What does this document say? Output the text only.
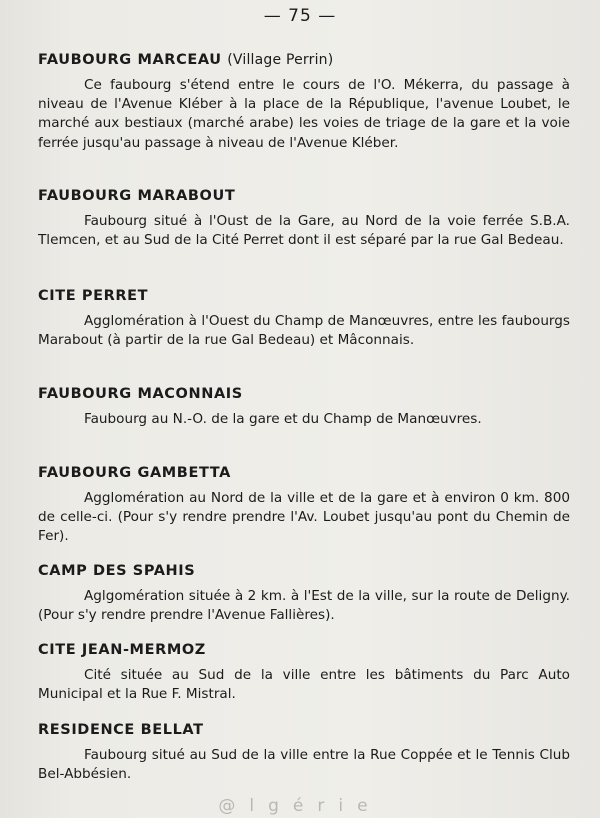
— 75 —

FAUBOURG MARCEAU (Village Perrin)

Ce faubourg s'étend entre le cours de l'O. Mékerra, du passage à niveau de l'Avenue Kléber à la place de la République, l'avenue Loubet, le marché aux bestiaux (marché arabe) les voies de triage de la gare et la voie ferrée jusqu'au passage à niveau de l'Avenue Kléber.

FAUBOURG MARABOUT

Faubourg situé à l'Oust de la Gare, au Nord de la voie ferrée S.B.A. Tlemcen, et au Sud de la Cité Perret dont il est séparé par la rue Gal Bedeau.

CITE PERRET

Agglomération à l'Ouest du Champ de Manœuvres, entre les faubourgs Marabout (à partir de la rue Gal Bedeau) et Mâconnais.

FAUBOURG MACONNAIS

Faubourg au N.-O. de la gare et du Champ de Manœuvres.

FAUBOURG GAMBETTA

Agglomération au Nord de la ville et de la gare et à environ 0 km. 800 de celle-ci. (Pour s'y rendre prendre l'Av. Loubet jusqu'au pont du Chemin de Fer).

CAMP DES SPAHIS

Aglgomération située à 2 km. à l'Est de la ville, sur la route de Deligny. (Pour s'y rendre prendre l'Avenue Fallières).

CITE JEAN-MERMOZ

Cité située au Sud de la ville entre les bâtiments du Parc Auto Municipal et la Rue F. Mistral.

RESIDENCE BELLAT

Faubourg situé au Sud de la ville entre la Rue Coppée et le Tennis Club Bel-Abbésien.

@lgérie
